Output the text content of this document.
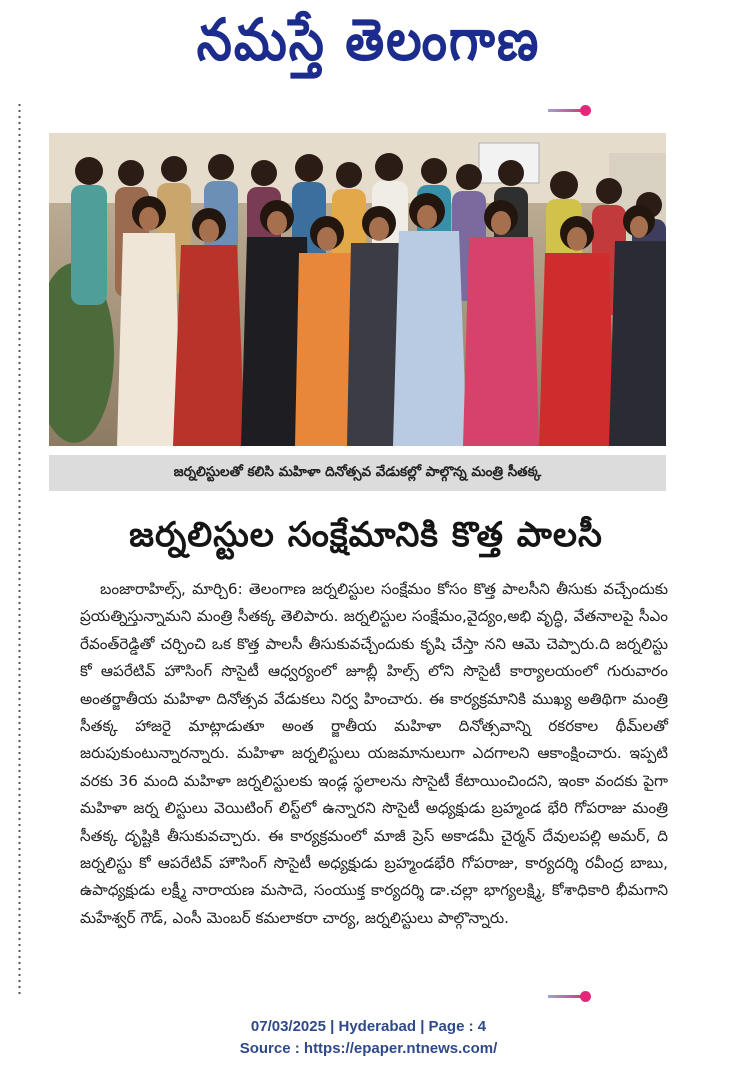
నమస్తే తెలంగాణ
జర్నలిస్టులతో కలిసి మహిళా దినోత్సవ వేడుకల్లో పాల్గొన్న మంత్రి సీతక్క
జర్నలిస్టుల సంక్షేమానికి కొత్త పాలసీ

బంజారాహిల్స్, మార్చి6: తెలంగాణ జర్నలిస్టుల సంక్షేమం కోసం కొత్త పాలసీని తీసుకు వచ్చేందుకు ప్రయత్నిస్తున్నామని మంత్రి సీతక్క తెలిపారు. జర్నలిస్టుల సంక్షేమం,వైద్యం,అభి వృద్ధి, వేతనాలపై సీఎం రేవంత్‌రెడ్డితో చర్చించి ఒక కొత్త పాలసీ తీసుకువచ్చేందుకు కృషి చేస్తా నని ఆమె చెప్పారు.ది జర్నలిస్టు కో ఆపరేటివ్ హౌసింగ్ సొసైటీ ఆధ్వర్యంలో జూబ్లీ హిల్స్ లోని సొసైటీ కార్యాలయంలో గురువారం అంతర్జాతీయ మహిళా దినోత్సవ వేడుకలు నిర్వ హించారు. ఈ కార్యక్రమానికి ముఖ్య అతిథిగా మంత్రి సీతక్క హాజరై మాట్లాడుతూ అంత ర్జాతీయ మహిళా దినోత్సవాన్ని రకరకాల థీమ్‌లతో జరుపుకుంటున్నారన్నారు. మహిళా జర్నలిస్టులు యజమానులుగా ఎదగాలని ఆకాంక్షించారు. ఇప్పటి వరకు 36 మంది మహిళా జర్నలిస్టులకు ఇండ్ల స్థలాలను సొసైటీ కేటాయించిందని, ఇంకా వందకు పైగా మహిళా జర్న లిస్టులు వెయిటింగ్ లిస్ట్‌లో ఉన్నారని సొసైటీ అధ్యక్షుడు బ్రహ్మండ భేరి గోపరాజు మంత్రి సీతక్క దృష్టికి తీసుకువచ్చారు. ఈ కార్యక్రమంలో మాజీ ప్రెస్ అకాడమీ చైర్మన్ దేవులపల్లి అమర్, ది జర్నలిస్టు కో ఆపరేటివ్ హౌసింగ్ సొసైటీ అధ్యక్షుడు బ్రహ్మండభేరి గోపరాజు, కార్యదర్శి రవీంద్ర బాబు, ఉపాధ్యక్షుడు లక్ష్మీ నారాయణ మసాదె, సంయుక్త కార్యదర్శి డా.చల్లా భాగ్యలక్ష్మి, కోశాధికారి భీమగాని మహేశ్వర్ గౌడ్, ఎంసీ మెంబర్ కమలాకరా చార్య, జర్నలిస్టులు పాల్గొన్నారు.

07/03/2025 | Hyderabad | Page : 4
Source : https://epaper.ntnews.com/
